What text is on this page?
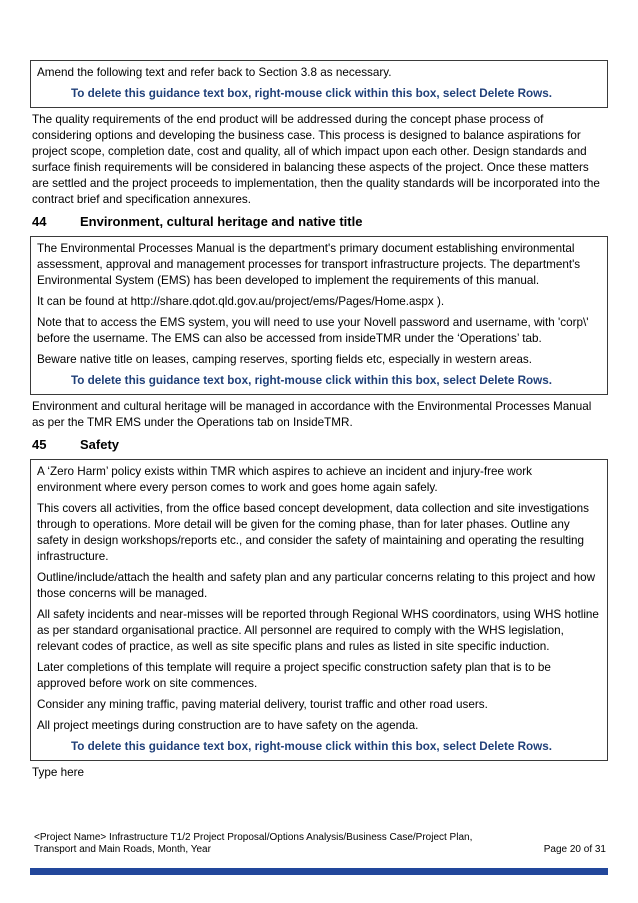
Amend the following text and refer back to Section 3.8 as necessary.

To delete this guidance text box, right-mouse click within this box, select Delete Rows.

The quality requirements of the end product will be addressed during the concept phase process of considering options and developing the business case. This process is designed to balance aspirations for project scope, completion date, cost and quality, all of which impact upon each other. Design standards and surface finish requirements will be considered in balancing these aspects of the project. Once these matters are settled and the project proceeds to implementation, then the quality standards will be incorporated into the contract brief and specification annexures.

44	Environment, cultural heritage and native title

The Environmental Processes Manual is the department's primary document establishing environmental assessment, approval and management processes for transport infrastructure projects. The department's Environmental System (EMS) has been developed to implement the requirements of this manual.

It can be found at http://share.qdot.qld.gov.au/project/ems/Pages/Home.aspx ).

Note that to access the EMS system, you will need to use your Novell password and username, with 'corp\' before the username. The EMS can also be accessed from insideTMR under the ‘Operations’ tab.

Beware native title on leases, camping reserves, sporting fields etc, especially in western areas.

To delete this guidance text box, right-mouse click within this box, select Delete Rows.

Environment and cultural heritage will be managed in accordance with the Environmental Processes Manual as per the TMR EMS under the Operations tab on InsideTMR.

45	Safety

A ‘Zero Harm’ policy exists within TMR which aspires to achieve an incident and injury-free work environment where every person comes to work and goes home again safely.

This covers all activities, from the office based concept development, data collection and site investigations through to operations. More detail will be given for the coming phase, than for later phases. Outline any safety in design workshops/reports etc., and consider the safety of maintaining and operating the resulting infrastructure.

Outline/include/attach the health and safety plan and any particular concerns relating to this project and how those concerns will be managed.

All safety incidents and near-misses will be reported through Regional WHS coordinators, using WHS hotline as per standard organisational practice. All personnel are required to comply with the WHS legislation, relevant codes of practice, as well as site specific plans and rules as listed in site specific induction.

Later completions of this template will require a project specific construction safety plan that is to be approved before work on site commences.

Consider any mining traffic, paving material delivery, tourist traffic and other road users.

All project meetings during construction are to have safety on the agenda.

To delete this guidance text box, right-mouse click within this box, select Delete Rows.

Type here

<Project Name> Infrastructure T1/2 Project Proposal/Options Analysis/Business Case/Project Plan,
Transport and Main Roads, Month, Year	Page 20 of 31
